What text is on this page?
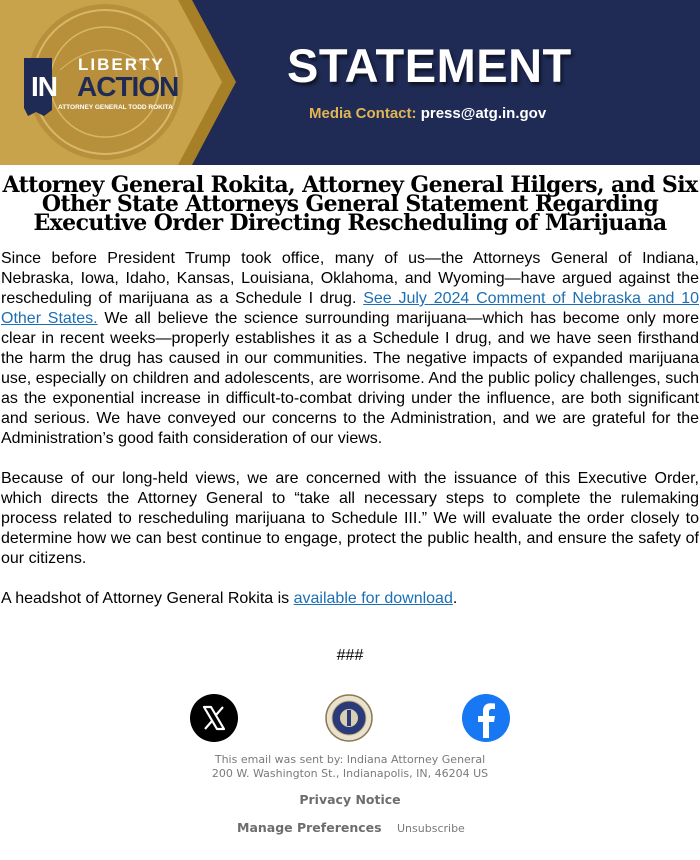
LIBERTY
IN ACTION
ATTORNEY GENERAL TODD ROKITA
STATEMENT
Media Contact: press@atg.in.gov
Attorney General Rokita, Attorney General Hilgers, and Six
Other State Attorneys General Statement Regarding
Executive Order Directing Rescheduling of Marijuana

Since before President Trump took office, many of us—the Attorneys General of Indiana, Nebraska, Iowa, Idaho, Kansas, Louisiana, Oklahoma, and Wyoming—have argued against the rescheduling of marijuana as a Schedule I drug. See July 2024 Comment of Nebraska and 10 Other States. We all believe the science surrounding marijuana—which has become only more clear in recent weeks—properly establishes it as a Schedule I drug, and we have seen firsthand the harm the drug has caused in our communities. The negative impacts of expanded marijuana use, especially on children and adolescents, are worrisome. And the public policy challenges, such as the exponential increase in difficult-to-combat driving under the influence, are both significant and serious. We have conveyed our concerns to the Administration, and we are grateful for the Administration’s good faith consideration of our views.

Because of our long-held views, we are concerned with the issuance of this Executive Order, which directs the Attorney General to “take all necessary steps to complete the rulemaking process related to rescheduling marijuana to Schedule III.” We will evaluate the order closely to determine how we can best continue to engage, protect the public health, and ensure the safety of our citizens.

A headshot of Attorney General Rokita is available for download.

###
This email was sent by: Indiana Attorney General
200 W. Washington St., Indianapolis, IN, 46204 US
Privacy Notice
Manage Preferences Unsubscribe
